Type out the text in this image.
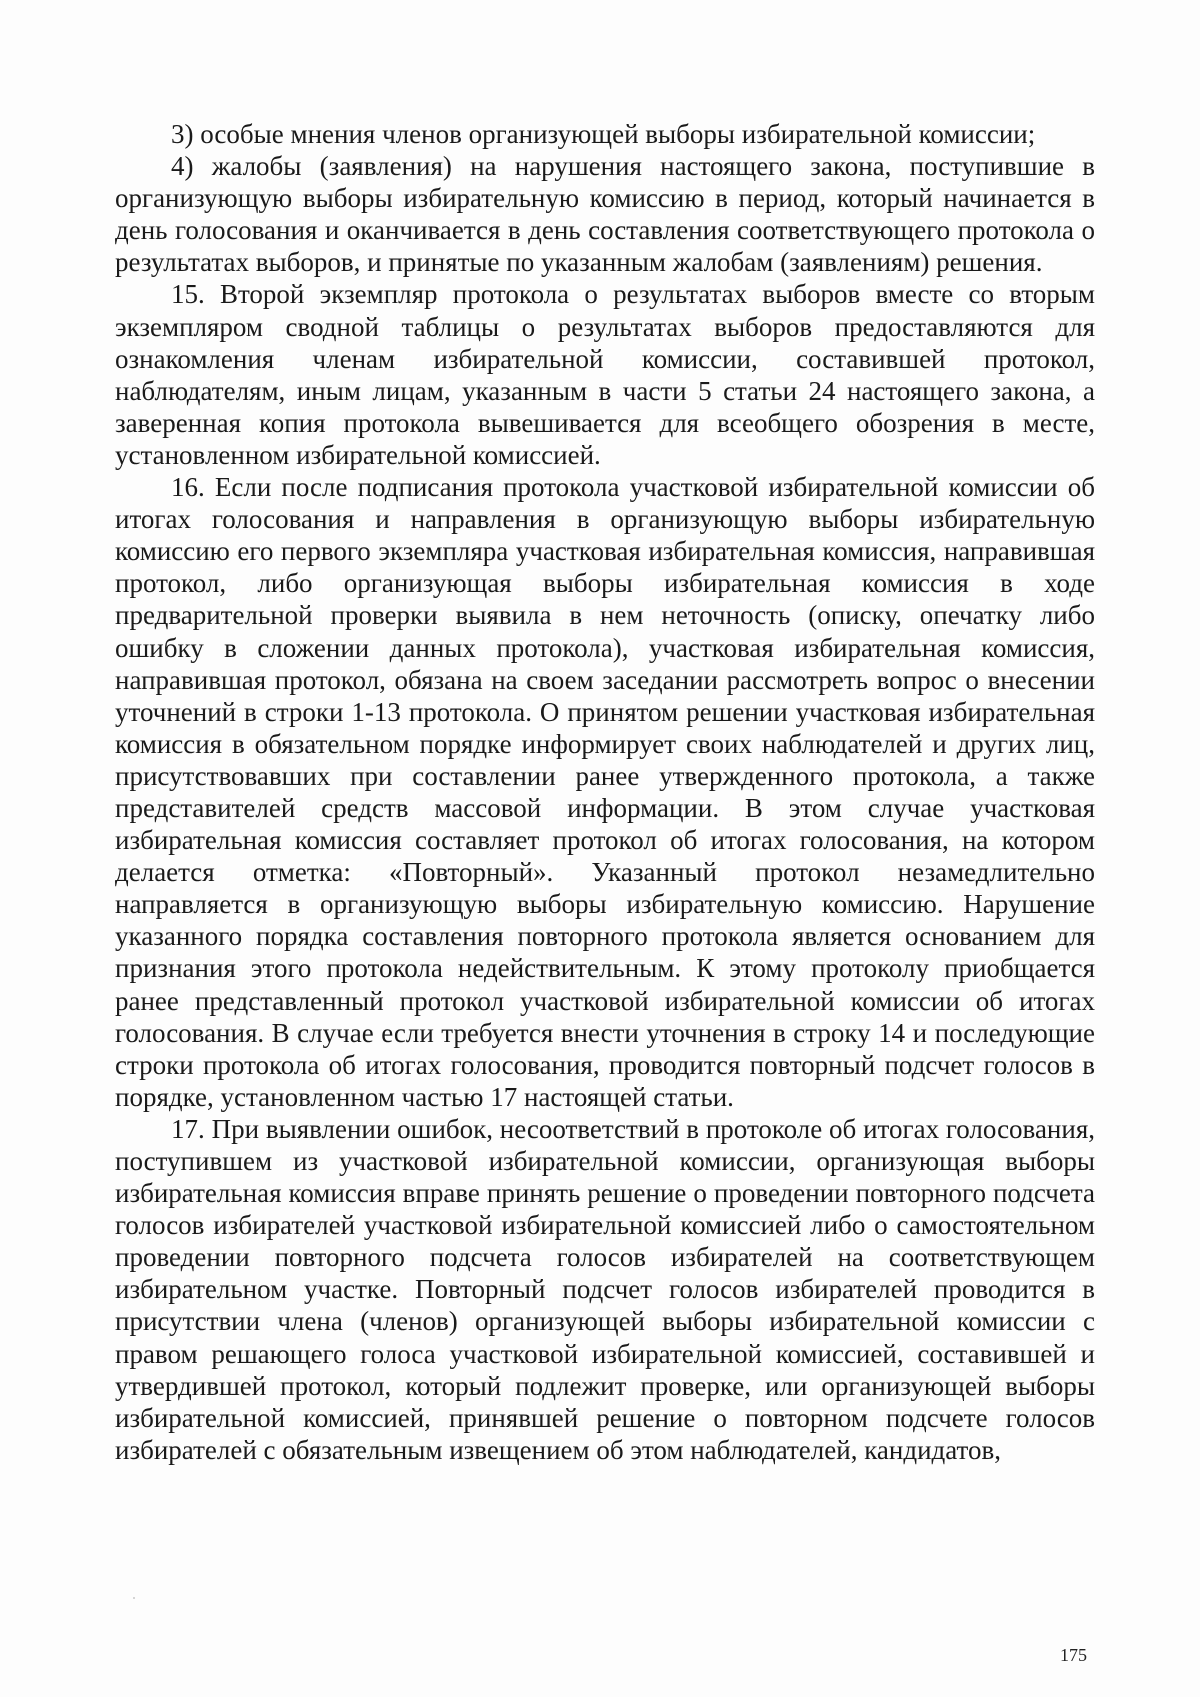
3) особые мнения членов организующей выборы избирательной комиссии;

4) жалобы (заявления) на нарушения настоящего закона, поступившие в организующую выборы избирательную комиссию в период, который начинается в день голосования и оканчивается в день составления соответствующего протокола о результатах выборов, и принятые по указанным жалобам (заявлениям) решения.

15. Второй экземпляр протокола о результатах выборов вместе со вторым экземпляром сводной таблицы о результатах выборов предоставляются для ознакомления членам избирательной комиссии, составившей протокол, наблюдателям, иным лицам, указанным в части 5 статьи 24 настоящего закона, а заверенная копия протокола вывешивается для всеобщего обозрения в месте, установленном избирательной комиссией.

16. Если после подписания протокола участковой избирательной комиссии об итогах голосования и направления в организующую выборы избирательную комиссию его первого экземпляра участковая избирательная комиссия, направившая протокол, либо организующая выборы избирательная комиссия в ходе предварительной проверки выявила в нем неточность (описку, опечатку либо ошибку в сложении данных протокола), участковая избирательная комиссия, направившая протокол, обязана на своем заседании рассмотреть вопрос о внесении уточнений в строки 1-13 протокола. О принятом решении участковая избирательная комиссия в обязательном порядке информирует своих наблюдателей и других лиц, присутствовавших при составлении ранее утвержденного протокола, а также представителей средств массовой информации. В этом случае участковая избирательная комиссия составляет протокол об итогах голосования, на котором делается отметка: «Повторный». Указанный протокол незамедлительно направляется в организующую выборы избирательную комиссию. Нарушение указанного порядка составления повторного протокола является основанием для признания этого протокола недействительным. К этому протоколу приобщается ранее представленный протокол участковой избирательной комиссии об итогах голосования. В случае если требуется внести уточнения в строку 14 и последующие строки протокола об итогах голосования, проводится повторный подсчет голосов в порядке, установленном частью 17 настоящей статьи.

17. При выявлении ошибок, несоответствий в протоколе об итогах голосования, поступившем из участковой избирательной комиссии, организующая выборы избирательная комиссия вправе принять решение о проведении повторного подсчета голосов избирателей участковой избирательной комиссией либо о самостоятельном проведении повторного подсчета голосов избирателей на соответствующем избирательном участке. Повторный подсчет голосов избирателей проводится в присутствии члена (членов) организующей выборы избирательной комиссии с правом решающего голоса участковой избирательной комиссией, составившей и утвердившей протокол, который подлежит проверке, или организующей выборы избирательной комиссией, принявшей решение о повторном подсчете голосов избирателей с обязательным извещением об этом наблюдателей, кандидатов,

175
